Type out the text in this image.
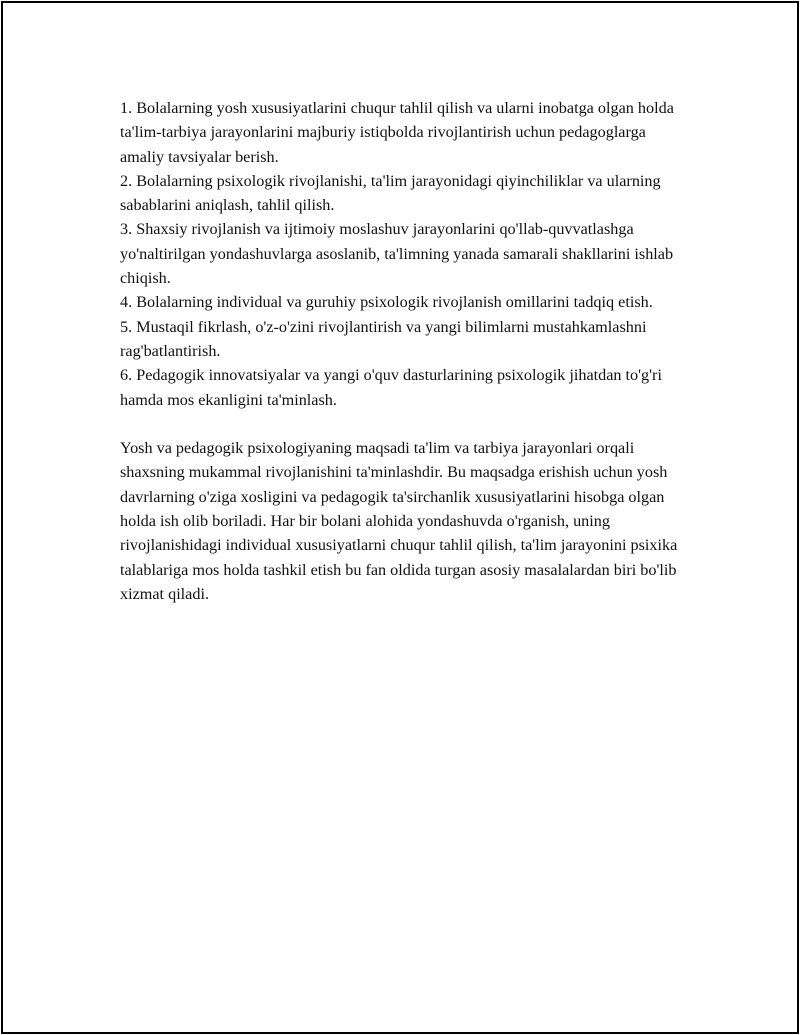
1. Bolalarning yosh xususiyatlarini chuqur tahlil qilish va ularni inobatga olgan holda ta'lim-tarbiya jarayonlarini majburiy istiqbolda rivojlantirish uchun pedagoglarga amaliy tavsiyalar berish.
2. Bolalarning psixologik rivojlanishi, ta'lim jarayonidagi qiyinchiliklar va ularning sabablarini aniqlash, tahlil qilish.
3. Shaxsiy rivojlanish va ijtimoiy moslashuv jarayonlarini qo'llab-quvvatlashga yo'naltirilgan yondashuvlarga asoslanib, ta'limning yanada samarali shakllarini ishlab chiqish.
4. Bolalarning individual va guruhiy psixologik rivojlanish omillarini tadqiq etish.
5. Mustaqil fikrlash, o'z-o'zini rivojlantirish va yangi bilimlarni mustahkamlashni rag'batlantirish.
6. Pedagogik innovatsiyalar va yangi o'quv dasturlarining psixologik jihatdan to'g'ri hamda mos ekanligini ta'minlash.

Yosh va pedagogik psixologiyaning maqsadi ta'lim va tarbiya jarayonlari orqali shaxsning mukammal rivojlanishini ta'minlashdir. Bu maqsadga erishish uchun yosh davrlarning o'ziga xosligini va pedagogik ta'sirchanlik xususiyatlarini hisobga olgan holda ish olib boriladi. Har bir bolani alohida yondashuvda o'rganish, uning rivojlanishidagi individual xususiyatlarni chuqur tahlil qilish, ta'lim jarayonini psixika talablariga mos holda tashkil etish bu fan oldida turgan asosiy masalalardan biri bo'lib xizmat qiladi.
